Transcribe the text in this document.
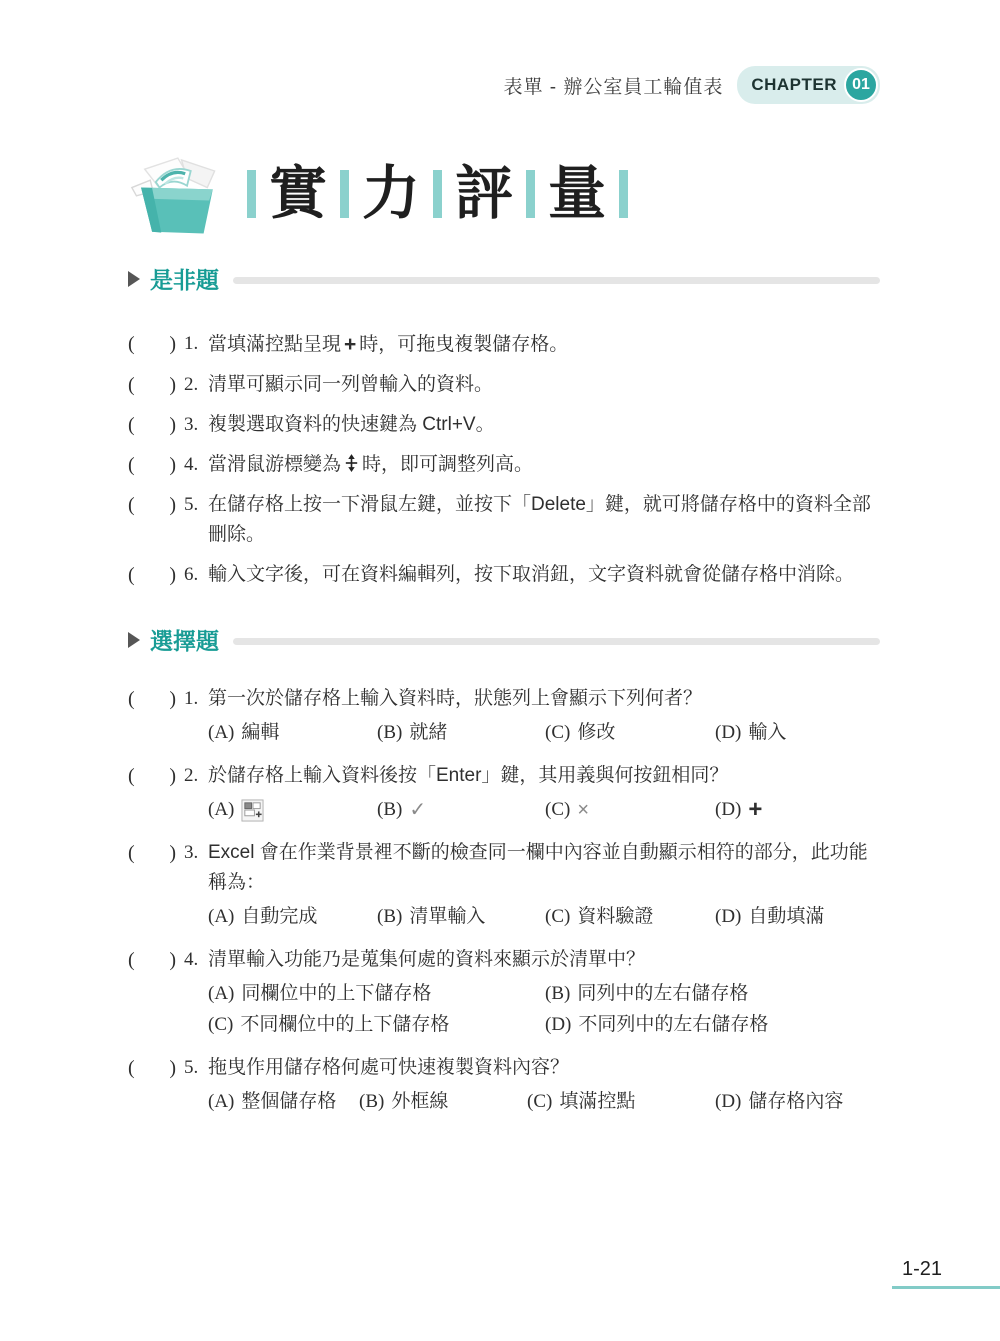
表單 - 辦公室員工輪值表 CHAPTER 01
實 力 評 量
是非題
( ) 1. 當填滿控點呈現 + 時，可拖曳複製儲存格。
( ) 2. 清單可顯示同一列曾輸入的資料。
( ) 3. 複製選取資料的快速鍵為 Ctrl+V。
( ) 4. 當滑鼠游標變為 時，即可調整列高。
( ) 5. 在儲存格上按一下滑鼠左鍵，並按下「Delete」鍵，就可將儲存格中的資料全部
刪除。
( ) 6. 輸入文字後，可在資料編輯列，按下取消鈕，文字資料就會從儲存格中消除。
選擇題
( ) 1. 第一次於儲存格上輸入資料時，狀態列上會顯示下列何者？
(A) 編輯	(B) 就緒	(C) 修改	(D) 輸入
( ) 2. 於儲存格上輸入資料後按「Enter」鍵，其用義與何按鈕相同？
(A)	(B) ✓	(C) ×	(D) +
( ) 3. Excel 會在作業背景裡不斷的檢查同一欄中內容並自動顯示相符的部分，此功能
稱為：
(A) 自動完成	(B) 清單輸入	(C) 資料驗證	(D) 自動填滿
( ) 4. 清單輸入功能乃是蒐集何處的資料來顯示於清單中？
(A) 同欄位中的上下儲存格	(B) 同列中的左右儲存格
(C) 不同欄位中的上下儲存格	(D) 不同列中的左右儲存格
( ) 5. 拖曳作用儲存格何處可快速複製資料內容？
(A) 整個儲存格 (B) 外框線	(C) 填滿控點	(D) 儲存格內容
1-21
